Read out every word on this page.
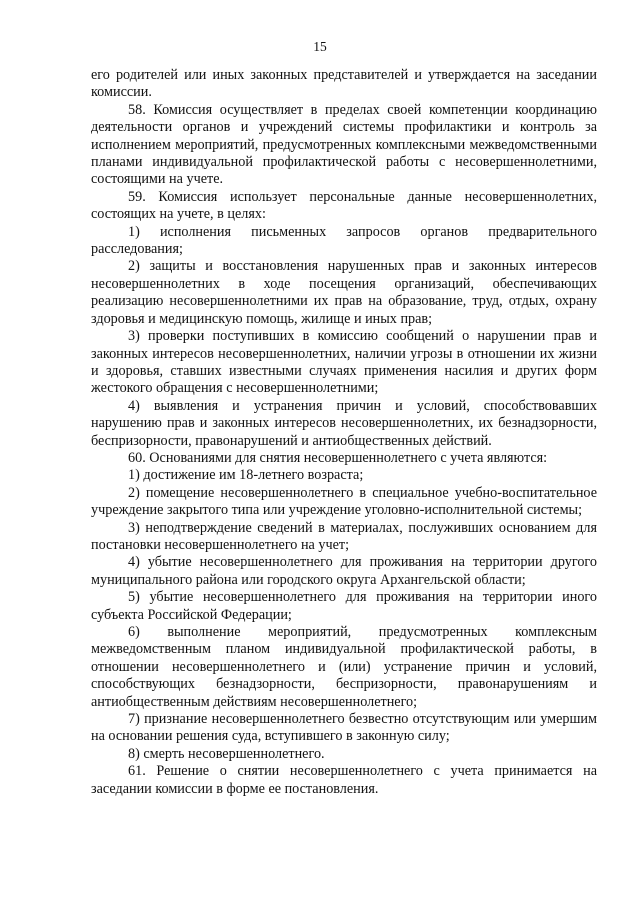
15

его родителей или иных законных представителей и утверждается на заседании комиссии.

58. Комиссия осуществляет в пределах своей компетенции координацию деятельности органов и учреждений системы профилактики и контроль за исполнением мероприятий, предусмотренных комплексными межведомственными планами индивидуальной профилактической работы с несовершеннолетними, состоящими на учете.

59. Комиссия использует персональные данные несовершеннолетних, состоящих на учете, в целях:

1) исполнения письменных запросов органов предварительного расследования;

2) защиты и восстановления нарушенных прав и законных интересов несовершеннолетних в ходе посещения организаций, обеспечивающих реализацию несовершеннолетними их прав на образование, труд, отдых, охрану здоровья и медицинскую помощь, жилище и иных прав;

3) проверки поступивших в комиссию сообщений о нарушении прав и законных интересов несовершеннолетних, наличии угрозы в отношении их жизни и здоровья, ставших известными случаях применения насилия и других форм жестокого обращения с несовершеннолетними;

4) выявления и устранения причин и условий, способствовавших нарушению прав и законных интересов несовершеннолетних, их безнадзорности, беспризорности, правонарушений и антиобщественных действий.

60. Основаниями для снятия несовершеннолетнего с учета являются:

1) достижение им 18-летнего возраста;

2) помещение несовершеннолетнего в специальное учебно-воспитательное учреждение закрытого типа или учреждение уголовно-исполнительной системы;

3) неподтверждение сведений в материалах, послуживших основанием для постановки несовершеннолетнего на учет;

4) убытие несовершеннолетнего для проживания на территории другого муниципального района или городского округа Архангельской области;

5) убытие несовершеннолетнего для проживания на территории иного субъекта Российской Федерации;

6) выполнение мероприятий, предусмотренных комплексным межведомственным планом индивидуальной профилактической работы, в отношении несовершеннолетнего и (или) устранение причин и условий, способствующих безнадзорности, беспризорности, правонарушениям и антиобщественным действиям несовершеннолетнего;

7) признание несовершеннолетнего безвестно отсутствующим или умершим на основании решения суда, вступившего в законную силу;

8) смерть несовершеннолетнего.

61. Решение о снятии несовершеннолетнего с учета принимается на заседании комиссии в форме ее постановления.
